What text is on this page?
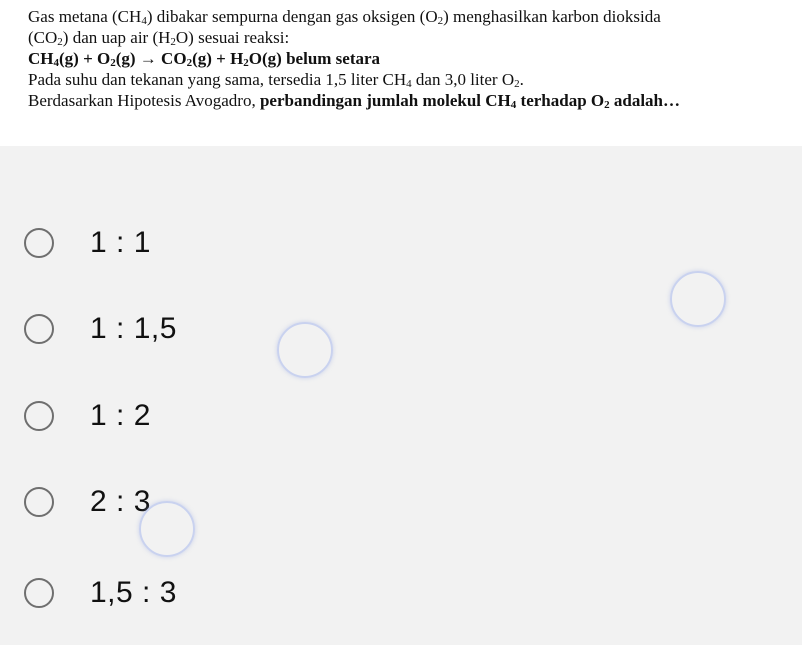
Gas metana $(CH_4)$ dibakar sempurna dengan gas oksigen $(O_2)$ menghasilkan karbon dioksida
$(CO_2)$ dan uap air $(H_2O)$ sesuai reaksi:
$CH_4(g) + O_2(g) \to CO_2(g) + H_2O(g)$ belum setara
Pada suhu dan tekanan yang sama, tersedia 1,5 liter $CH_4$ dan 3,0 liter $O_2$.
Berdasarkan Hipotesis Avogadro, perbandingan jumlah molekul $CH_4$ terhadap $O_2$ adalah…
1 : 1
1 : 1,5
1 : 2
2 : 3
1,5 : 3
